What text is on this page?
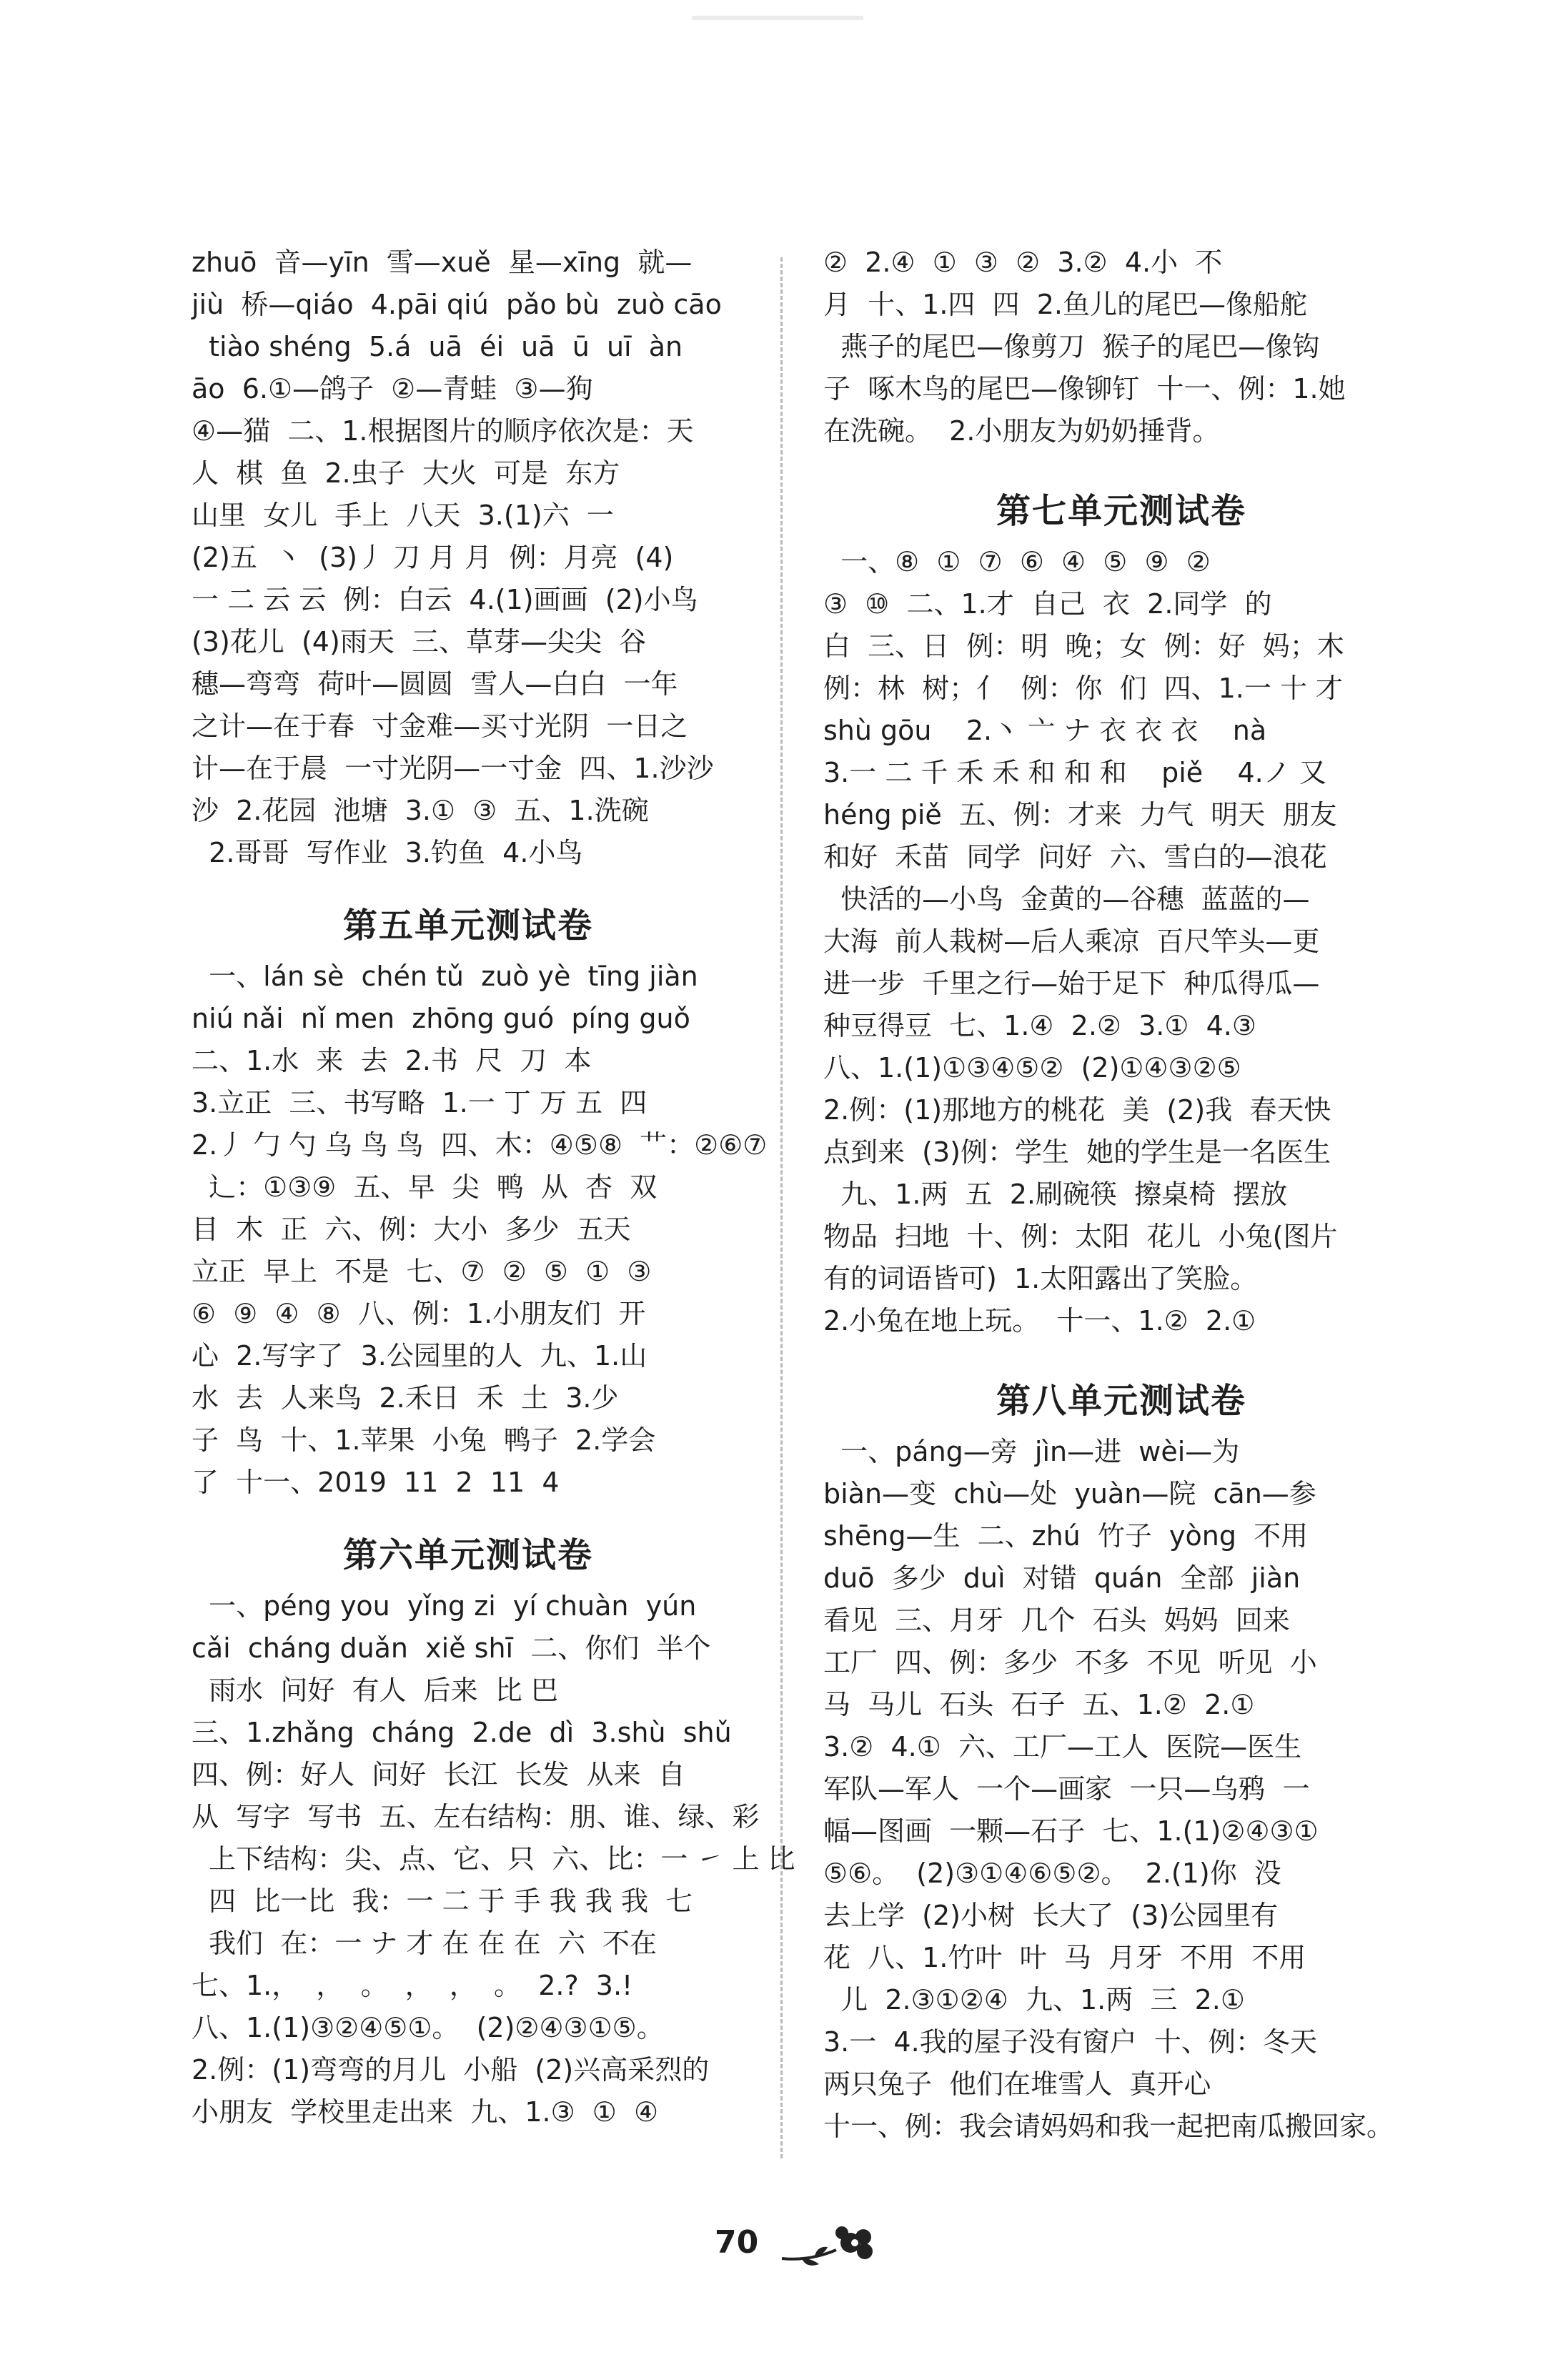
zhuō  音—yīn  雪—xuě  星—xīng  就—

jiù  桥—qiáo  4.pāi qiú  pǎo bù  zuò cāo

tiào shéng  5.á  uā  éi  uā  ū  uī  àn

āo  6.①—鸽子  ②—青蛙  ③—狗

④—猫  二、1.根据图片的顺序依次是：天

人  棋  鱼  2.虫子  大火  可是  东方

山里  女儿  手上  八天  3.(1)六  一

(2)五  丶  (3)丿 刀 月 月  例：月亮  (4)

一 二 云 云  例：白云  4.(1)画画  (2)小鸟

(3)花儿  (4)雨天  三、草芽—尖尖  谷

穗—弯弯  荷叶—圆圆  雪人—白白  一年

之计—在于春  寸金难—买寸光阴  一日之

计—在于晨  一寸光阴—一寸金  四、1.沙沙

沙  2.花园  池塘  3.①  ③  五、1.洗碗

2.哥哥  写作业  3.钓鱼  4.小鸟

第五单元测试卷

一、lán sè  chén tǔ  zuò yè  tīng jiàn

niú nǎi  nǐ men  zhōng guó  píng guǒ

二、1.水  来  去  2.书  尺  刀  本

3.立正  三、书写略  1.一 丁 万 五  四

2.丿 勹 勺 乌 鸟 鸟  四、木：④⑤⑧  艹：②⑥⑦

辶：①③⑨  五、早  尖  鸭  从  杏  双

目  木  正  六、例：大小  多少  五天

立正  早上  不是  七、⑦  ②  ⑤  ①  ③

⑥  ⑨  ④  ⑧  八、例：1.小朋友们  开

心  2.写字了  3.公园里的人  九、1.山

水  去  人来鸟  2.禾日  禾  土  3.少

子  鸟  十、1.苹果  小兔  鸭子  2.学会

了  十一、2019  11  2  11  4

第六单元测试卷

一、péng you  yǐng zi  yí chuàn  yún

cǎi  cháng duǎn  xiě shī  二、你们  半个

雨水  问好  有人  后来  比 巴

三、1.zhǎng  cháng  2.de  dì  3.shù  shǔ

四、例：好人  问好  长江  长发  从来  自

从  写字  写书  五、左右结构：朋、谁、绿、彩

上下结构：尖、点、它、只  六、比：一 ㇀ 上 比

四  比一比  我：一 二 于 手 我 我 我  七

我们  在：一 ナ 才 在 在 在  六  不在

七、1.，  ，  。  ，  ，  。  2.?  3.!

八、1.(1)③②④⑤①。  (2)②④③①⑤。

2.例：(1)弯弯的月儿  小船  (2)兴高采烈的

小朋友  学校里走出来  九、1.③  ①  ④

②  2.④  ①  ③  ②  3.②  4.小  不

月  十、1.四  四  2.鱼儿的尾巴—像船舵

燕子的尾巴—像剪刀  猴子的尾巴—像钩

子  啄木鸟的尾巴—像铆钉  十一、例：1.她

在洗碗。  2.小朋友为奶奶捶背。

第七单元测试卷

一、⑧  ①  ⑦  ⑥  ④  ⑤  ⑨  ②

③  ⑩  二、1.才  自己  衣  2.同学  的

白  三、日  例：明  晚；女  例：好  妈；木

例：林  树；亻  例：你  们  四、1.一 十 才

shù gōu    2.丶 亠 ナ 衣 衣 衣    nà

3.一 二 千 禾 禾 和 和 和    piě    4.ノ 又

héng piě  五、例：才来  力气  明天  朋友

和好  禾苗  同学  问好  六、雪白的—浪花

快活的—小鸟  金黄的—谷穗  蓝蓝的—

大海  前人栽树—后人乘凉  百尺竿头—更

进一步  千里之行—始于足下  种瓜得瓜—

种豆得豆  七、1.④  2.②  3.①  4.③

八、1.(1)①③④⑤②  (2)①④③②⑤

2.例：(1)那地方的桃花  美  (2)我  春天快

点到来  (3)例：学生  她的学生是一名医生

九、1.两  五  2.刷碗筷  擦桌椅  摆放

物品  扫地  十、例：太阳  花儿  小兔(图片

有的词语皆可)  1.太阳露出了笑脸。

2.小兔在地上玩。  十一、1.②  2.①

第八单元测试卷

一、páng—旁  jìn—进  wèi—为

biàn—变  chù—处  yuàn—院  cān—参

shēng—生  二、zhú  竹子  yòng  不用

duō  多少  duì  对错  quán  全部  jiàn

看见  三、月牙  几个  石头  妈妈  回来

工厂  四、例：多少  不多  不见  听见  小

马  马儿  石头  石子  五、1.②  2.①

3.②  4.①  六、工厂—工人  医院—医生

军队—军人  一个—画家  一只—乌鸦  一

幅—图画  一颗—石子  七、1.(1)②④③①

⑤⑥。  (2)③①④⑥⑤②。  2.(1)你  没

去上学  (2)小树  长大了  (3)公园里有

花  八、1.竹叶  叶  马  月牙  不用  不用

儿  2.③①②④  九、1.两  三  2.①

3.一  4.我的屋子没有窗户  十、例：冬天

两只兔子  他们在堆雪人  真开心

十一、例：我会请妈妈和我一起把南瓜搬回家。

70
